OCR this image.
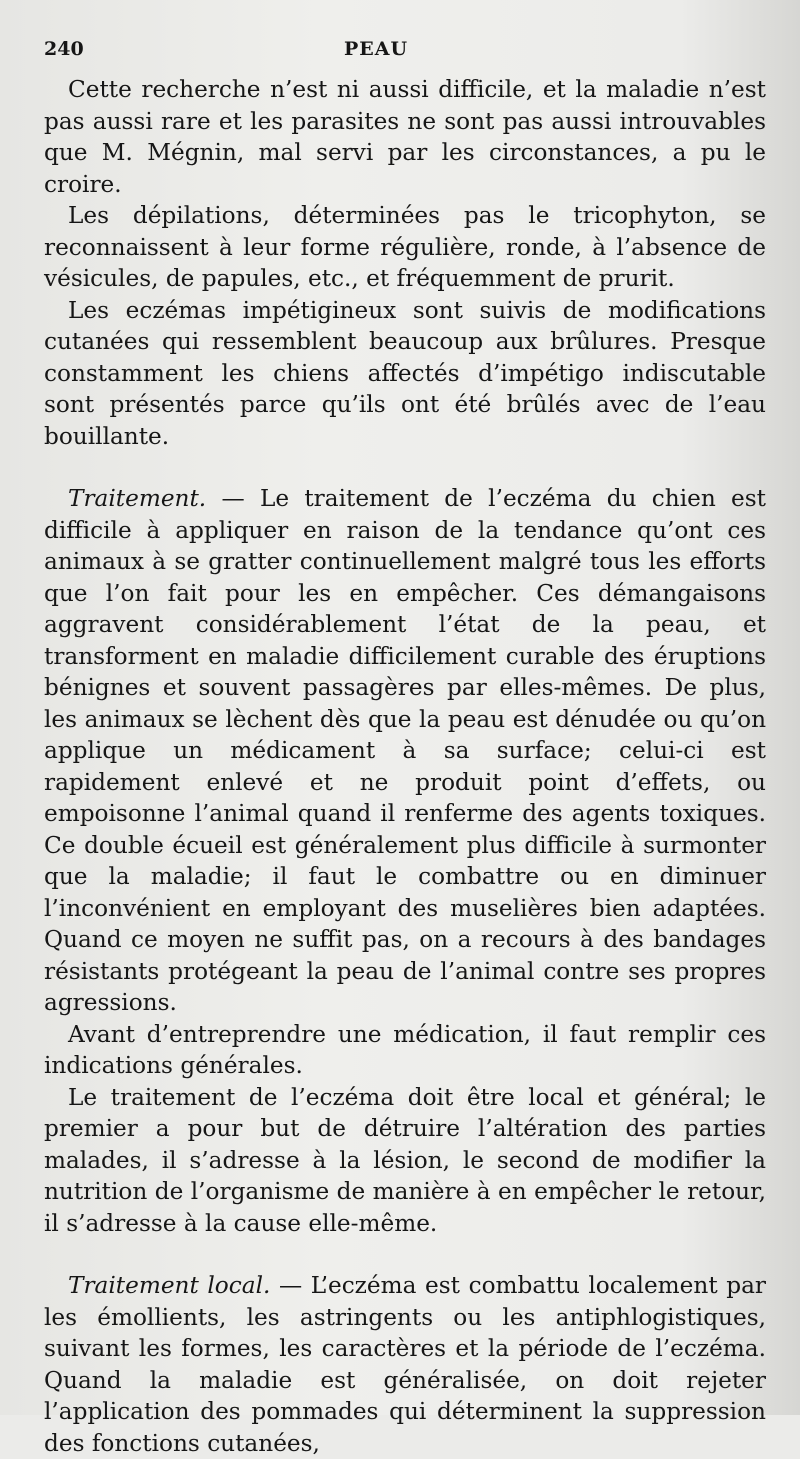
240	PEAU

Cette recherche n’est ni aussi difficile, et la maladie n’est pas aussi rare et les parasites ne sont pas aussi introuvables que M. Mégnin, mal servi par les circonstances, a pu le croire.

Les dépilations, déterminées pas le tricophyton, se reconnaissent à leur forme régulière, ronde, à l’absence de vésicules, de papules, etc., et fréquemment de prurit.

Les eczémas impétigineux sont suivis de modifications cutanées qui ressemblent beaucoup aux brûlures. Presque constamment les chiens affectés d’impétigo indiscutable sont présentés parce qu’ils ont été brûlés avec de l’eau bouillante.

Traitement. — Le traitement de l’eczéma du chien est difficile à appliquer en raison de la tendance qu’ont ces animaux à se gratter continuellement malgré tous les efforts que l’on fait pour les en empêcher. Ces démangaisons aggravent considérablement l’état de la peau, et transforment en maladie difficilement curable des éruptions bénignes et souvent passagères par elles-mêmes. De plus, les animaux se lèchent dès que la peau est dénudée ou qu’on applique un médicament à sa surface; celui-ci est rapidement enlevé et ne produit point d’effets, ou empoisonne l’animal quand il renferme des agents toxiques. Ce double écueil est généralement plus difficile à surmonter que la maladie; il faut le combattre ou en diminuer l’inconvénient en employant des muselières bien adaptées. Quand ce moyen ne suffit pas, on a recours à des bandages résistants protégeant la peau de l’animal contre ses propres agressions.

Avant d’entreprendre une médication, il faut remplir ces indications générales.

Le traitement de l’eczéma doit être local et général; le premier a pour but de détruire l’altération des parties malades, il s’adresse à la lésion, le second de modifier la nutrition de l’organisme de manière à en empêcher le retour, il s’adresse à la cause elle-même.

Traitement local. — L’eczéma est combattu localement par les émollients, les astringents ou les antiphlogistiques, suivant les formes, les caractères et la période de l’eczéma. Quand la maladie est généralisée, on doit rejeter l’application des pommades qui déterminent la suppression des fonctions cutanées,
